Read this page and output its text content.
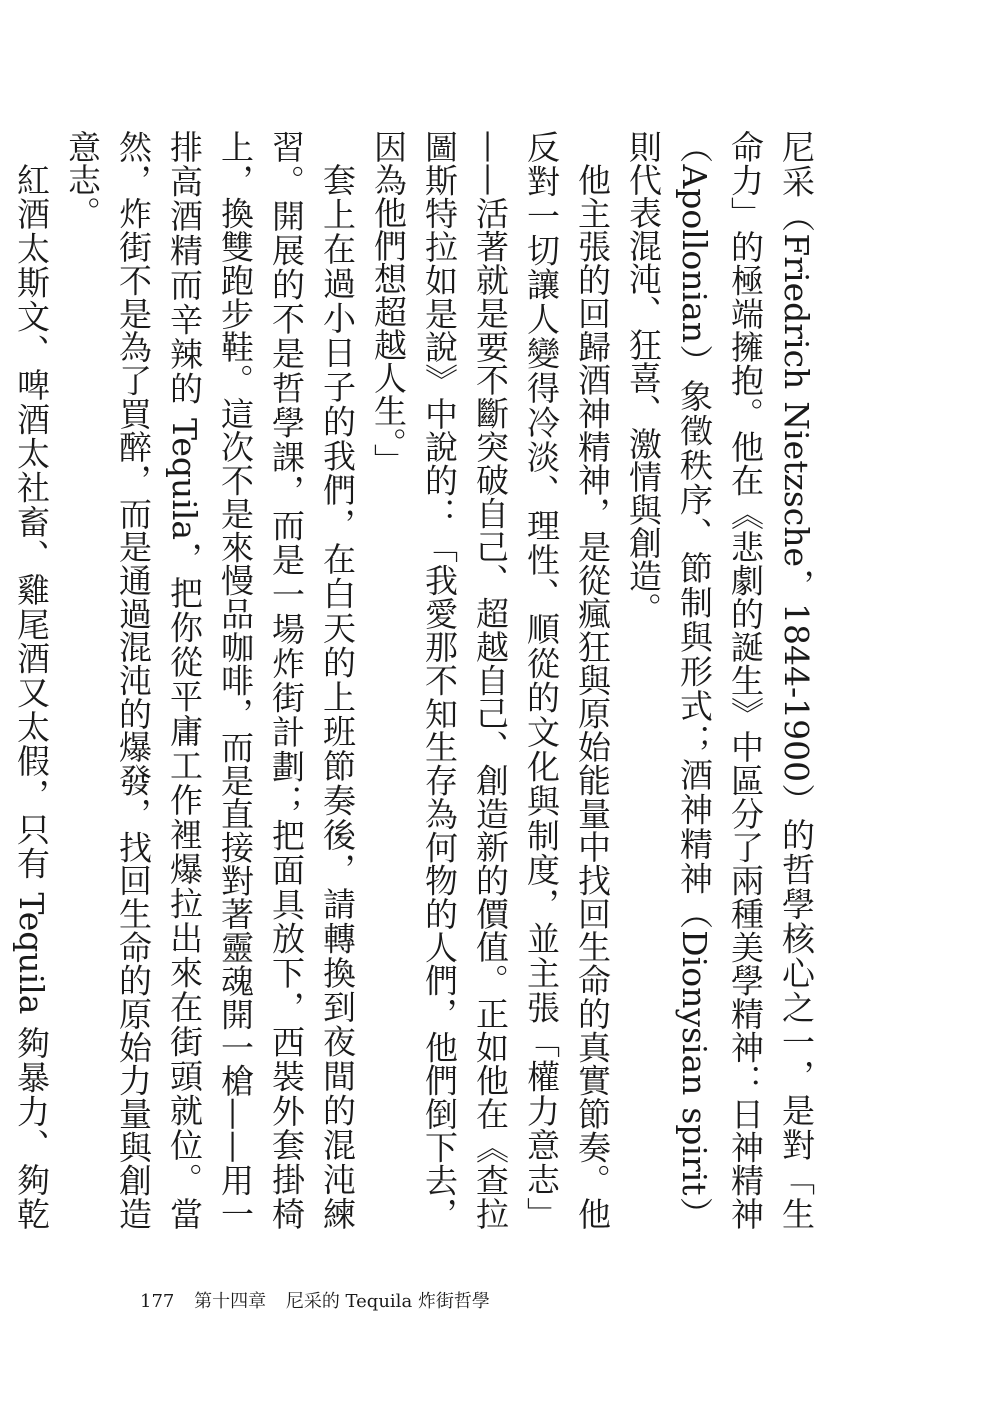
尼采（Friedrich Nietzsche，1844-1900）的哲學核心之一，是對「生命力」的極端擁抱。他在《悲劇的誕生》中區分了兩種美學精神：日神精神（Apollonian）象徵秩序、節制與形式；酒神精神（Dionysian spirit）則代表混沌、狂喜、激情與創造。

他主張的回歸酒神精神，是從瘋狂與原始能量中找回生命的真實節奏。他反對一切讓人變得冷淡、理性、順從的文化與制度，並主張「權力意志」——活著就是要不斷突破自己、超越自己、創造新的價值。正如他在《查拉圖斯特拉如是說》中說的：「我愛那不知生存為何物的人們，他們倒下去，因為他們想超越人生。」

套上在過小日子的我們，在白天的上班節奏後，請轉換到夜間的混沌練習。開展的不是哲學課，而是一場炸街計劃；把面具放下，西裝外套掛椅上，換雙跑步鞋。這次不是來慢品咖啡，而是直接對著靈魂開一槍——用一排高酒精而辛辣的 Tequila，把你從平庸工作裡爆拉出來在街頭就位。當然，炸街不是為了買醉，而是通過混沌的爆發，找回生命的原始力量與創造意志。

紅酒太斯文、啤酒太社畜、雞尾酒又太假，只有 Tequila 夠暴力、夠乾

177 第十四章 尼采的 Tequila 炸街哲學
